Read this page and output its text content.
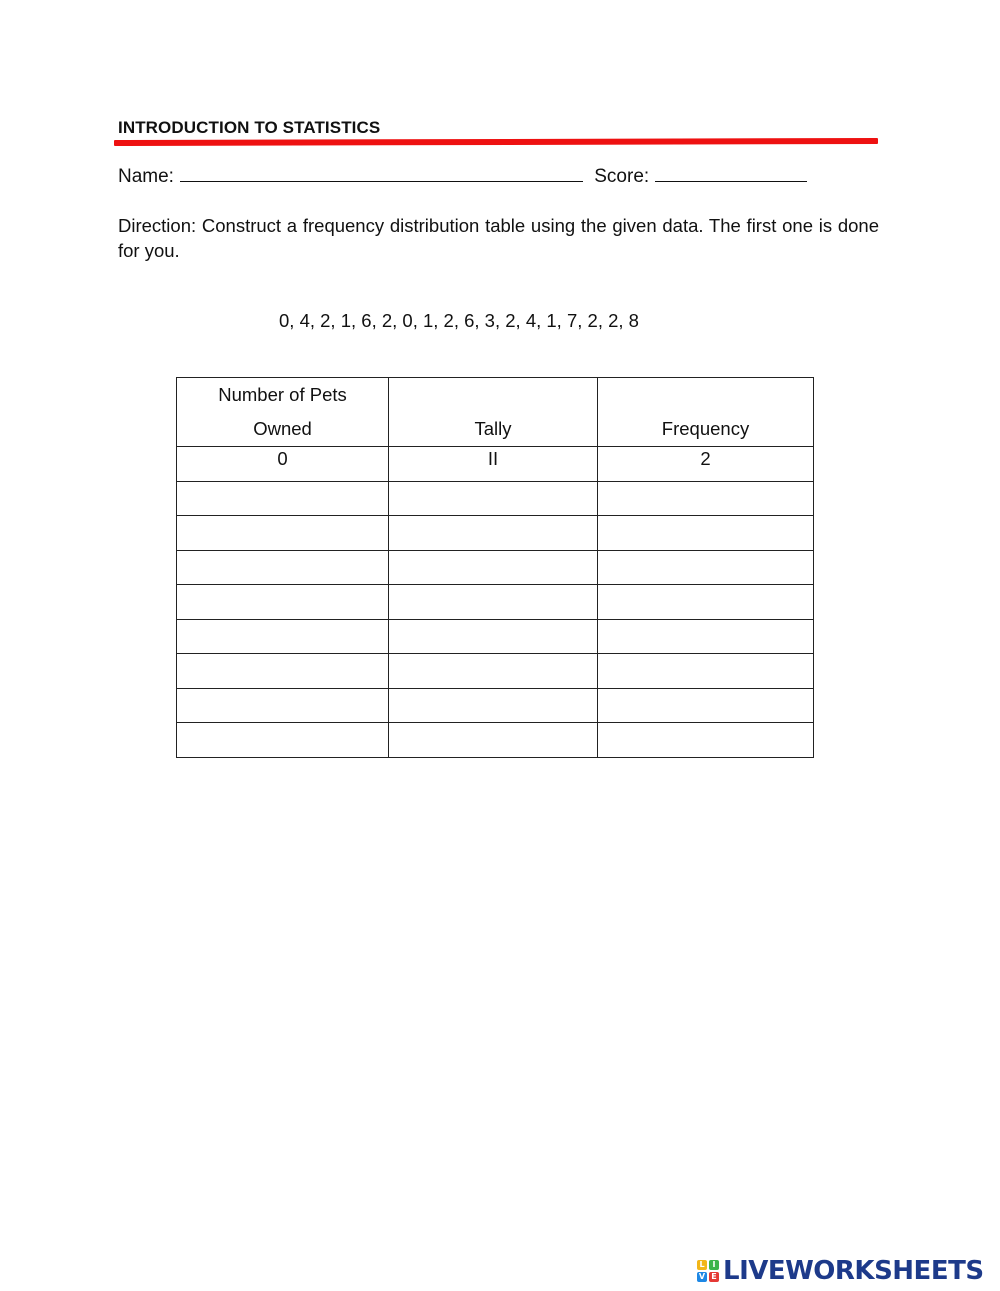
INTRODUCTION TO STATISTICS
Name:	Score:
Direction: Construct a frequency distribution table using the given data. The first one is done for you.
0, 4, 2, 1, 6, 2, 0, 1, 2, 6, 3, 2, 4, 1, 7, 2, 2, 8
Number of Pets
Owned	Tally	Frequency

0	II	2

L I
V E LIVEWORKSHEETS
